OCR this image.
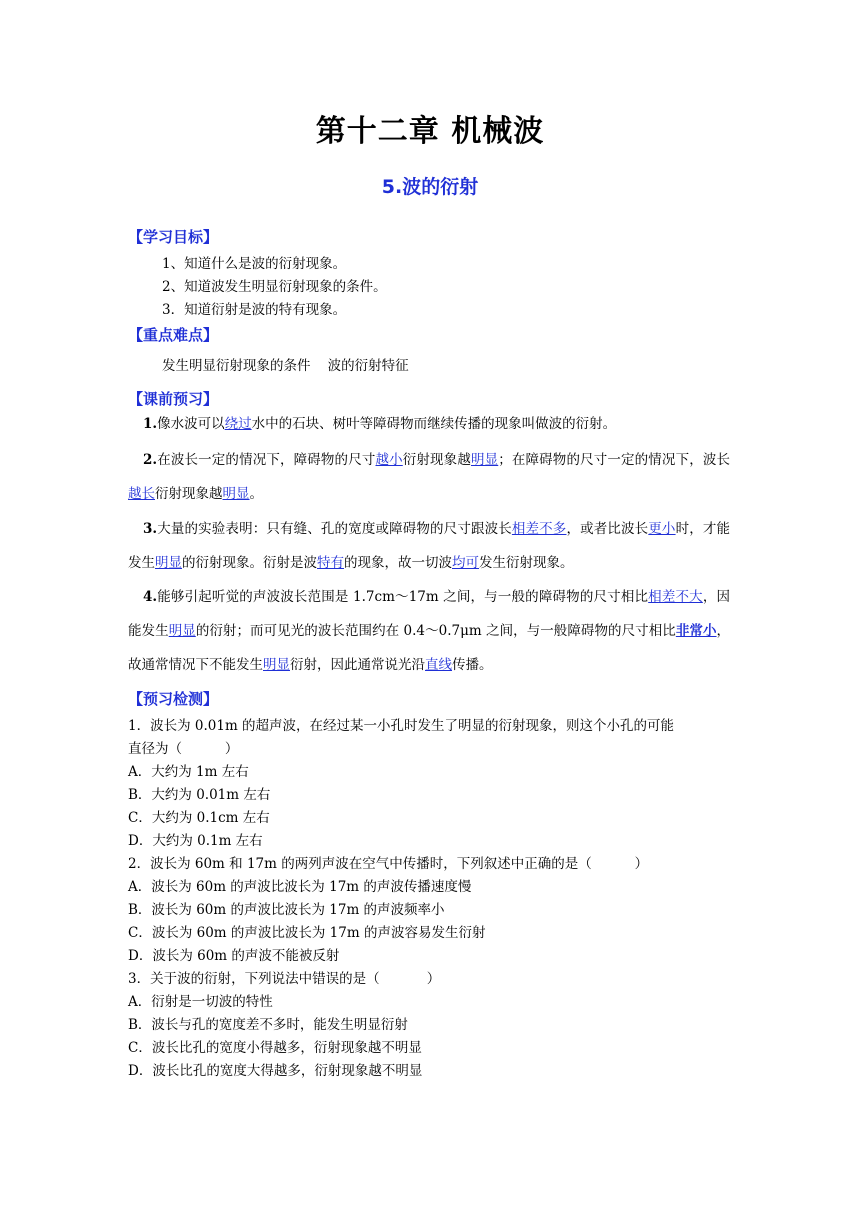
第十二章 机械波
5.波的衍射
【学习目标】
1、知道什么是波的衍射现象。
2、知道波发生明显衍射现象的条件。
3．知道衍射是波的特有现象。
【重点难点】
发生明显衍射现象的条件    波的衍射特征
【课前预习】
1.像水波可以绕过水中的石块、树叶等障碍物而继续传播的现象叫做波的衍射。
2.在波长一定的情况下，障碍物的尺寸越小衍射现象越明显；在障碍物的尺寸一定的情况下，波长越长衍射现象越明显。
3.大量的实验表明：只有缝、孔的宽度或障碍物的尺寸跟波长相差不多，或者比波长更小时，才能发生明显的衍射现象。衍射是波特有的现象，故一切波均可发生衍射现象。
4.能够引起听觉的声波波长范围是 1.7cm～17m 之间，与一般的障碍物的尺寸相比相差不大，因能发生明显的衍射；而可见光的波长范围约在 0.4～0.7μm 之间，与一般障碍物的尺寸相比非常小，故通常情况下不能发生明显衍射，因此通常说光沿直线传播。
【预习检测】
1．波长为 0.01m 的超声波，在经过某一小孔时发生了明显的衍射现象，则这个小孔的可能
直径为（          ）
A．大约为 1m 左右
B．大约为 0.01m 左右
C．大约为 0.1cm 左右
D．大约为 0.1m 左右
2．波长为 60m 和 17m 的两列声波在空气中传播时，下列叙述中正确的是（          ）
A．波长为 60m 的声波比波长为 17m 的声波传播速度慢
B．波长为 60m 的声波比波长为 17m 的声波频率小
C．波长为 60m 的声波比波长为 17m 的声波容易发生衍射
D．波长为 60m 的声波不能被反射
3．关于波的衍射，下列说法中错误的是（           ）
A．衍射是一切波的特性
B．波长与孔的宽度差不多时，能发生明显衍射
C．波长比孔的宽度小得越多，衍射现象越不明显
D．波长比孔的宽度大得越多，衍射现象越不明显
